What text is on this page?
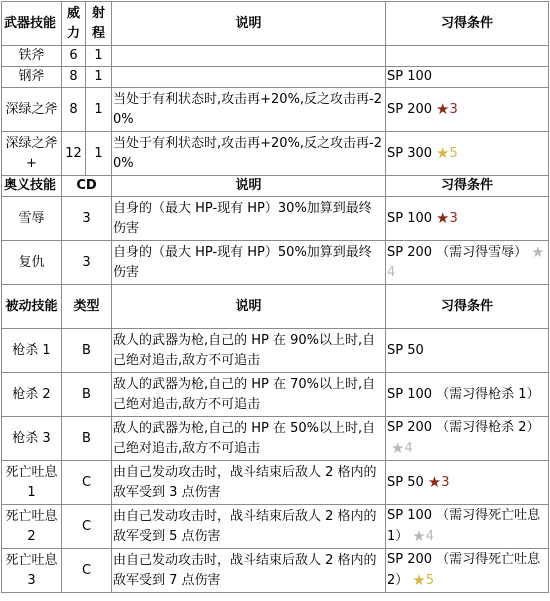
武器技能	威力	射程	说明	习得条件
铁斧	6	1		
钢斧	8	1		SP 100
深绿之斧	8	1	当处于有利状态时,攻击再+20%,反之攻击再-20%	SP 200 ★3
深绿之斧+	12	1	当处于有利状态时,攻击再+20%,反之攻击再-20%	SP 300 ★5
奥义技能	CD		说明	习得条件
雪辱	3		自身的（最大 HP-现有 HP）30%加算到最终伤害	SP 100 ★3
复仇	3		自身的（最大 HP-现有 HP）50%加算到最终伤害	SP 200 （需习得雪辱） ★4
被动技能	类型		说明	习得条件
枪杀 1	B		敌人的武器为枪,自己的 HP 在 90%以上时,自己绝对追击,敌方不可追击	SP 50
枪杀 2	B		敌人的武器为枪,自己的 HP 在 70%以上时,自己绝对追击,敌方不可追击	SP 100 （需习得枪杀 1）
枪杀 3	B		敌人的武器为枪,自己的 HP 在 50%以上时,自己绝对追击,敌方不可追击	SP 200 （需习得枪杀 2）★4
死亡吐息 1	C		由自己发动攻击时，战斗结束后敌人 2 格内的敌军受到 3 点伤害	SP 50 ★3
死亡吐息 2	C		由自己发动攻击时，战斗结束后敌人 2 格内的敌军受到 5 点伤害	SP 100 （需习得死亡吐息 1） ★4
死亡吐息 3	C		由自己发动攻击时，战斗结束后敌人 2 格内的敌军受到 7 点伤害	SP 200 （需习得死亡吐息 2） ★5
